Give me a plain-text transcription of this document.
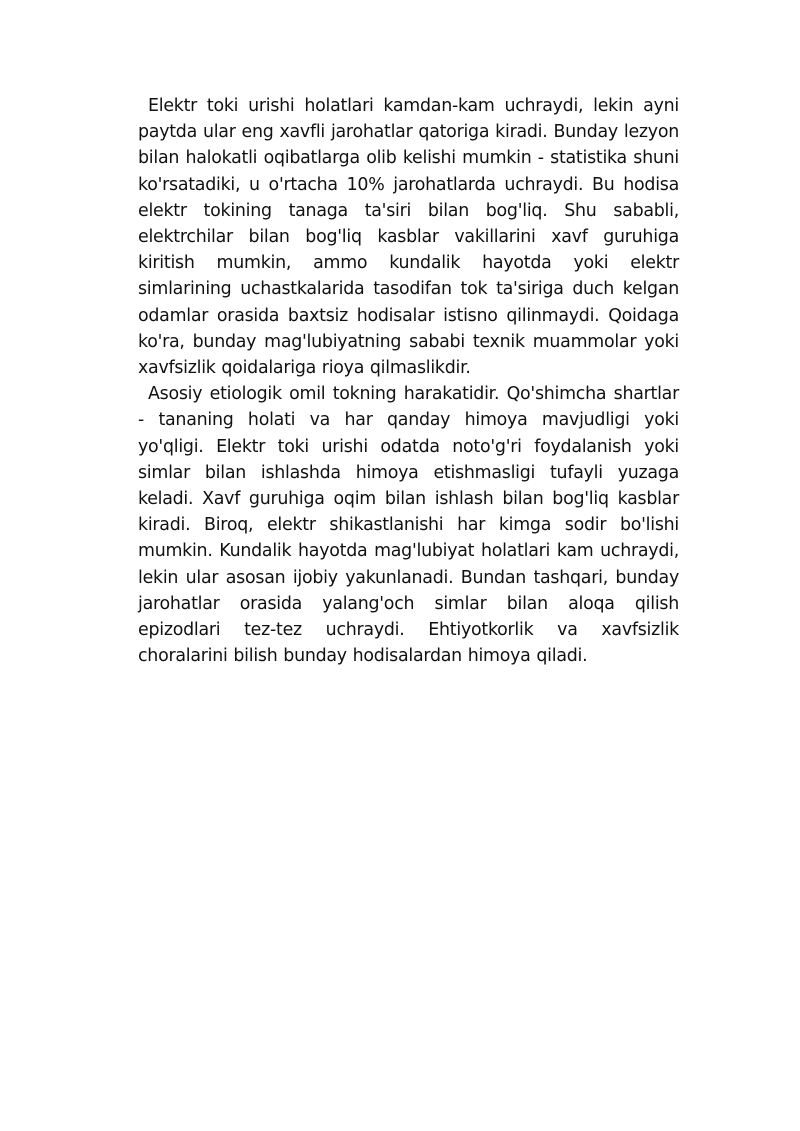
Elektr toki urishi holatlari kamdan-kam uchraydi, lekin ayni paytda ular eng xavfli jarohatlar qatoriga kiradi. Bunday lezyon bilan halokatli oqibatlarga olib kelishi mumkin - statistika shuni ko'rsatadiki, u o'rtacha 10% jarohatlarda uchraydi. Bu hodisa elektr tokining tanaga ta'siri bilan bog'liq. Shu sababli, elektrchilar bilan bog'liq kasblar vakillarini xavf guruhiga kiritish mumkin, ammo kundalik hayotda yoki elektr simlarining uchastkalarida tasodifan tok ta'siriga duch kelgan odamlar orasida baxtsiz hodisalar istisno qilinmaydi. Qoidaga ko'ra, bunday mag'lubiyatning sababi texnik muammolar yoki xavfsizlik qoidalariga rioya qilmaslikdir.

Asosiy etiologik omil tokning harakatidir. Qo'shimcha shartlar - tananing holati va har qanday himoya mavjudligi yoki yo'qligi. Elektr toki urishi odatda noto'g'ri foydalanish yoki simlar bilan ishlashda himoya etishmasligi tufayli yuzaga keladi. Xavf guruhiga oqim bilan ishlash bilan bog'liq kasblar kiradi. Biroq, elektr shikastlanishi har kimga sodir bo'lishi mumkin. Kundalik hayotda mag'lubiyat holatlari kam uchraydi, lekin ular asosan ijobiy yakunlanadi. Bundan tashqari, bunday jarohatlar orasida yalang'och simlar bilan aloqa qilish epizodlari tez-tez uchraydi. Ehtiyotkorlik va xavfsizlik choralarini bilish bunday hodisalardan himoya qiladi.
